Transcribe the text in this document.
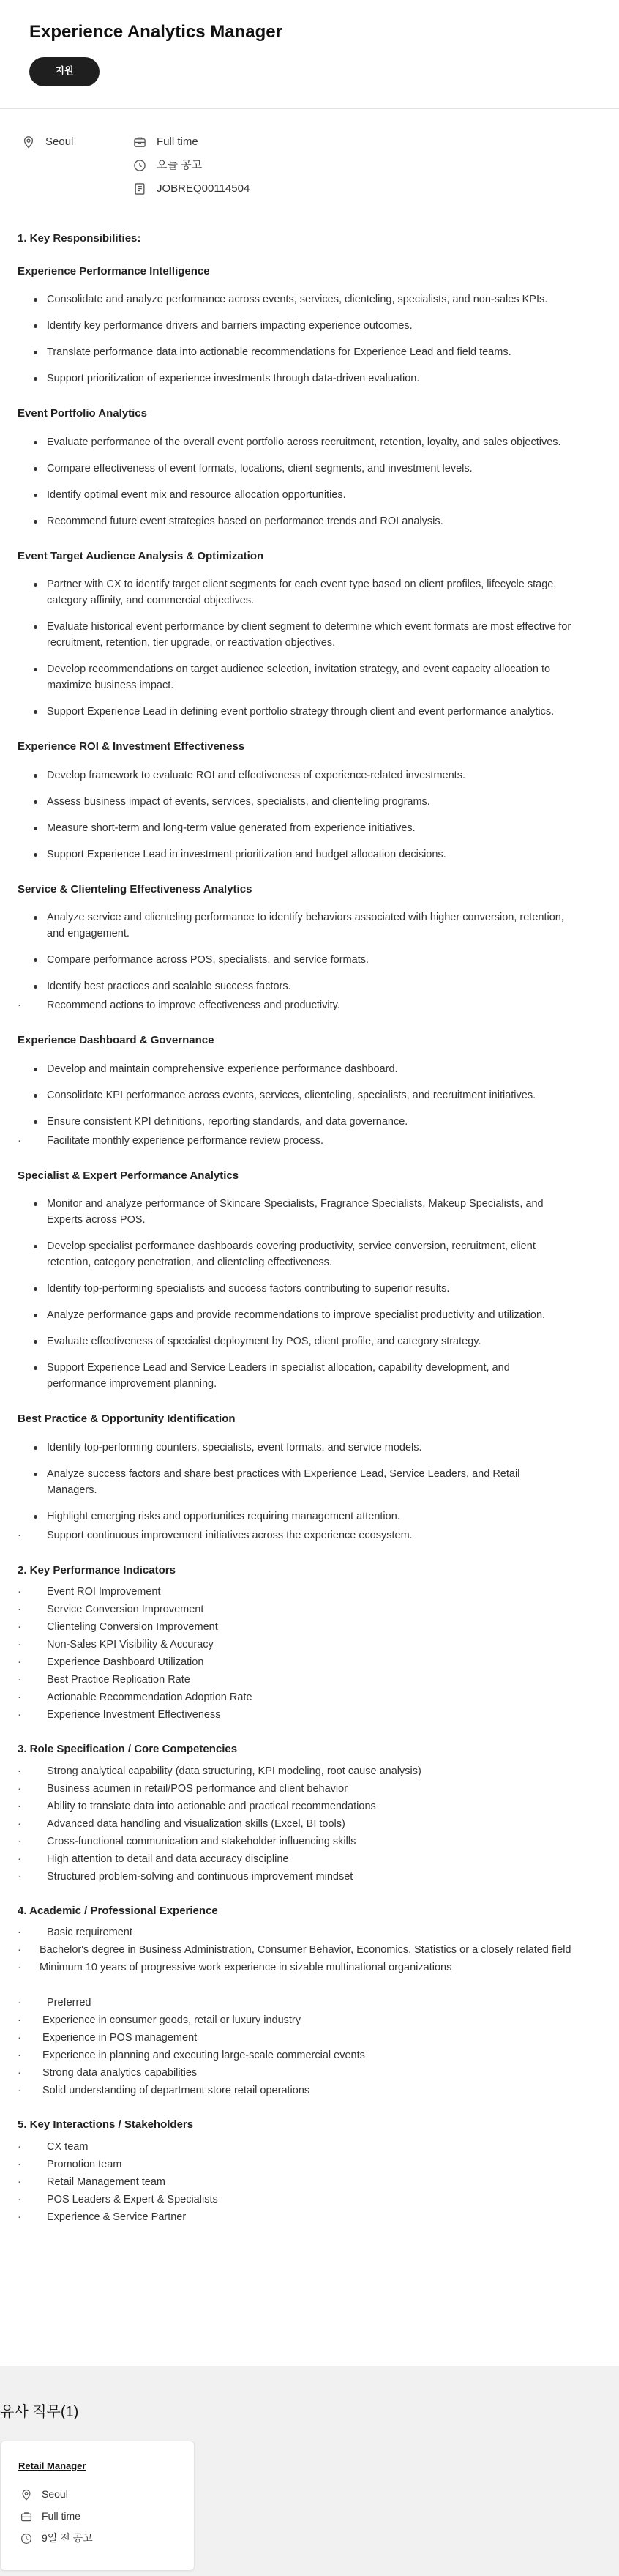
Experience Analytics Manager
지원
Seoul	Full time
오늘 공고
JOBREQ00114504
1. Key Responsibilities:
Experience Performance Intelligence
Consolidate and analyze performance across events, services, clienteling, specialists, and non-sales KPIs.
Identify key performance drivers and barriers impacting experience outcomes.
Translate performance data into actionable recommendations for Experience Lead and field teams.
Support prioritization of experience investments through data-driven evaluation.
Event Portfolio Analytics
Evaluate performance of the overall event portfolio across recruitment, retention, loyalty, and sales objectives.
Compare effectiveness of event formats, locations, client segments, and investment levels.
Identify optimal event mix and resource allocation opportunities.
Recommend future event strategies based on performance trends and ROI analysis.
Event Target Audience Analysis & Optimization
Partner with CX to identify target client segments for each event type based on client profiles, lifecycle stage, category affinity, and commercial objectives.
Evaluate historical event performance by client segment to determine which event formats are most effective for recruitment, retention, tier upgrade, or reactivation objectives.
Develop recommendations on target audience selection, invitation strategy, and event capacity allocation to maximize business impact.
Support Experience Lead in defining event portfolio strategy through client and event performance analytics.
Experience ROI & Investment Effectiveness
Develop framework to evaluate ROI and effectiveness of experience-related investments.
Assess business impact of events, services, specialists, and clienteling programs.
Measure short-term and long-term value generated from experience initiatives.
Support Experience Lead in investment prioritization and budget allocation decisions.
Service & Clienteling Effectiveness Analytics
Analyze service and clienteling performance to identify behaviors associated with higher conversion, retention, and engagement.
Compare performance across POS, specialists, and service formats.
Identify best practices and scalable success factors.
· Recommend actions to improve effectiveness and productivity.
Experience Dashboard & Governance
Develop and maintain comprehensive experience performance dashboard.
Consolidate KPI performance across events, services, clienteling, specialists, and recruitment initiatives.
Ensure consistent KPI definitions, reporting standards, and data governance.
· Facilitate monthly experience performance review process.
Specialist & Expert Performance Analytics
Monitor and analyze performance of Skincare Specialists, Fragrance Specialists, Makeup Specialists, and Experts across POS.
Develop specialist performance dashboards covering productivity, service conversion, recruitment, client retention, category penetration, and clienteling effectiveness.
Identify top-performing specialists and success factors contributing to superior results.
Analyze performance gaps and provide recommendations to improve specialist productivity and utilization.
Evaluate effectiveness of specialist deployment by POS, client profile, and category strategy.
Support Experience Lead and Service Leaders in specialist allocation, capability development, and performance improvement planning.
Best Practice & Opportunity Identification
Identify top-performing counters, specialists, event formats, and service models.
Analyze success factors and share best practices with Experience Lead, Service Leaders, and Retail Managers.
Highlight emerging risks and opportunities requiring management attention.
· Support continuous improvement initiatives across the experience ecosystem.
2. Key Performance Indicators
· Event ROI Improvement
· Service Conversion Improvement
· Clienteling Conversion Improvement
· Non-Sales KPI Visibility & Accuracy
· Experience Dashboard Utilization
· Best Practice Replication Rate
· Actionable Recommendation Adoption Rate
· Experience Investment Effectiveness
3. Role Specification / Core Competencies
· Strong analytical capability (data structuring, KPI modeling, root cause analysis)
· Business acumen in retail/POS performance and client behavior
· Ability to translate data into actionable and practical recommendations
· Advanced data handling and visualization skills (Excel, BI tools)
· Cross-functional communication and stakeholder influencing skills
· High attention to detail and data accuracy discipline
· Structured problem-solving and continuous improvement mindset
4. Academic / Professional Experience
· Basic requirement
· Bachelor's degree in Business Administration, Consumer Behavior, Economics, Statistics or a closely related field
· Minimum 10 years of progressive work experience in sizable multinational organizations
· Preferred
· Experience in consumer goods, retail or luxury industry
· Experience in POS management
· Experience in planning and executing large-scale commercial events
· Strong data analytics capabilities
· Solid understanding of department store retail operations
5. Key Interactions / Stakeholders
· CX team
· Promotion team
· Retail Management team
· POS Leaders & Expert & Specialists
· Experience & Service Partner
유사 직무(1)
Retail Manager
Seoul
Full time
9일 전 공고
